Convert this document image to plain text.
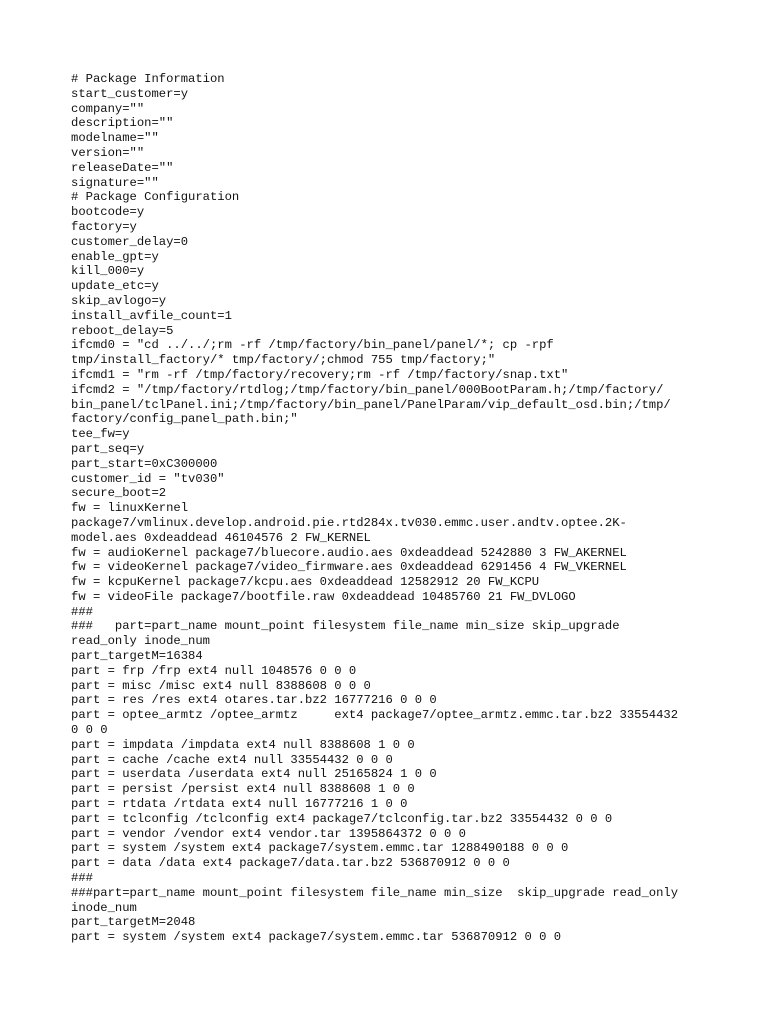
# Package Information
start_customer=y
company=""
description=""
modelname=""
version=""
releaseDate=""
signature=""
# Package Configuration
bootcode=y
factory=y
customer_delay=0
enable_gpt=y
kill_000=y
update_etc=y
skip_avlogo=y
install_avfile_count=1
reboot_delay=5
ifcmd0 = "cd ../../;rm -rf /tmp/factory/bin_panel/panel/*; cp -rpf
tmp/install_factory/* tmp/factory/;chmod 755 tmp/factory;"
ifcmd1 = "rm -rf /tmp/factory/recovery;rm -rf /tmp/factory/snap.txt"
ifcmd2 = "/tmp/factory/rtdlog;/tmp/factory/bin_panel/000BootParam.h;/tmp/factory/
bin_panel/tclPanel.ini;/tmp/factory/bin_panel/PanelParam/vip_default_osd.bin;/tmp/
factory/config_panel_path.bin;"
tee_fw=y
part_seq=y
part_start=0xC300000
customer_id = "tv030"
secure_boot=2
fw = linuxKernel
package7/vmlinux.develop.android.pie.rtd284x.tv030.emmc.user.andtv.optee.2K-
model.aes 0xdeaddead 46104576 2 FW_KERNEL
fw = audioKernel package7/bluecore.audio.aes 0xdeaddead 5242880 3 FW_AKERNEL
fw = videoKernel package7/video_firmware.aes 0xdeaddead 6291456 4 FW_VKERNEL
fw = kcpuKernel package7/kcpu.aes 0xdeaddead 12582912 20 FW_KCPU
fw = videoFile package7/bootfile.raw 0xdeaddead 10485760 21 FW_DVLOGO
###
###   part=part_name mount_point filesystem file_name min_size skip_upgrade
read_only inode_num
part_targetM=16384
part = frp /frp ext4 null 1048576 0 0 0
part = misc /misc ext4 null 8388608 0 0 0
part = res /res ext4 otares.tar.bz2 16777216 0 0 0
part = optee_armtz /optee_armtz     ext4 package7/optee_armtz.emmc.tar.bz2 33554432
0 0 0
part = impdata /impdata ext4 null 8388608 1 0 0
part = cache /cache ext4 null 33554432 0 0 0
part = userdata /userdata ext4 null 25165824 1 0 0
part = persist /persist ext4 null 8388608 1 0 0
part = rtdata /rtdata ext4 null 16777216 1 0 0
part = tclconfig /tclconfig ext4 package7/tclconfig.tar.bz2 33554432 0 0 0
part = vendor /vendor ext4 vendor.tar 1395864372 0 0 0
part = system /system ext4 package7/system.emmc.tar 1288490188 0 0 0
part = data /data ext4 package7/data.tar.bz2 536870912 0 0 0
###
###part=part_name mount_point filesystem file_name min_size  skip_upgrade read_only
inode_num
part_targetM=2048
part = system /system ext4 package7/system.emmc.tar 536870912 0 0 0
